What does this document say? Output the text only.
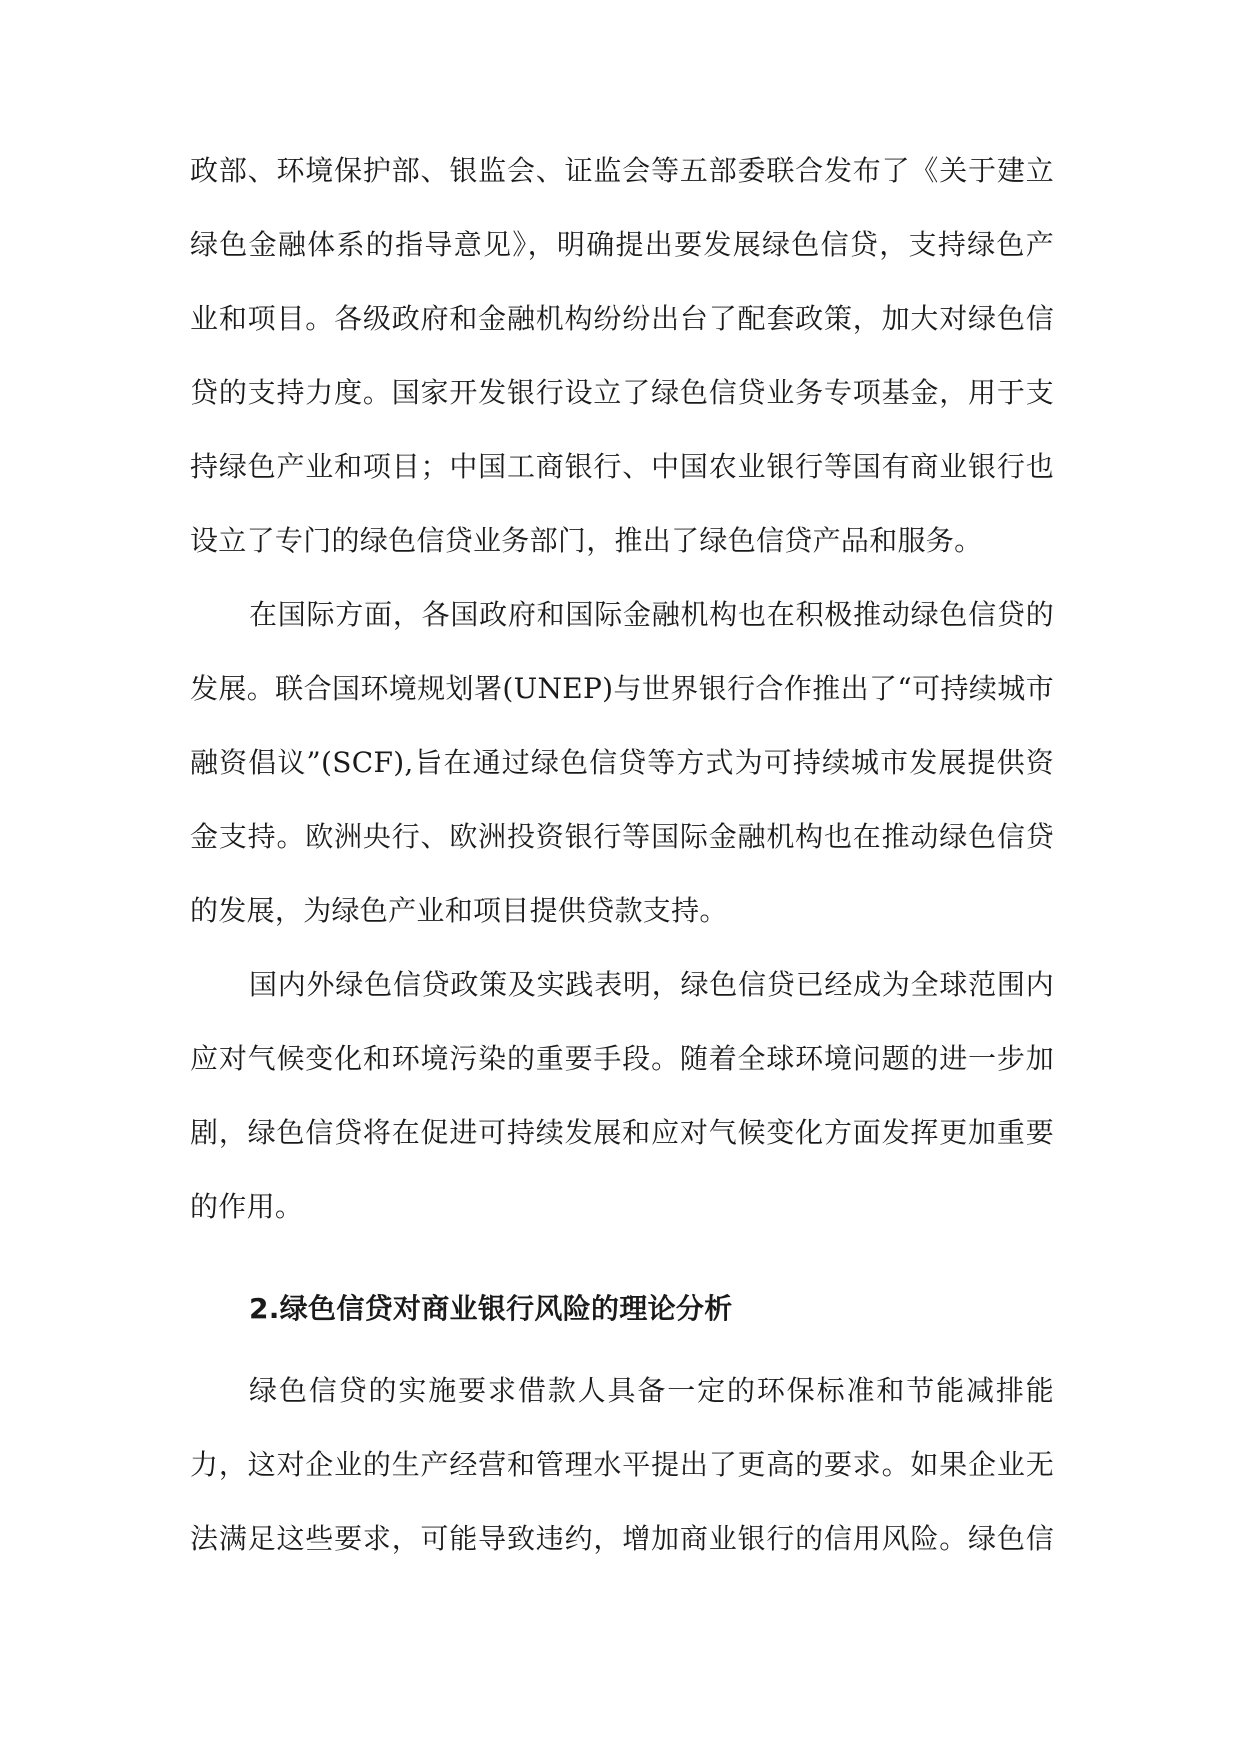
政部、环境保护部、银监会、证监会等五部委联合发布了《关于建立
绿色金融体系的指导意见》，明确提出要发展绿色信贷，支持绿色产
业和项目。各级政府和金融机构纷纷出台了配套政策，加大对绿色信
贷的支持力度。国家开发银行设立了绿色信贷业务专项基金，用于支
持绿色产业和项目；中国工商银行、中国农业银行等国有商业银行也
设立了专门的绿色信贷业务部门，推出了绿色信贷产品和服务。
在国际方面，各国政府和国际金融机构也在积极推动绿色信贷的
发展。联合国环境规划署(UNEP)与世界银行合作推出了“可持续城市
融资倡议”(SCF),旨在通过绿色信贷等方式为可持续城市发展提供资
金支持。欧洲央行、欧洲投资银行等国际金融机构也在推动绿色信贷
的发展，为绿色产业和项目提供贷款支持。
国内外绿色信贷政策及实践表明，绿色信贷已经成为全球范围内
应对气候变化和环境污染的重要手段。随着全球环境问题的进一步加
剧，绿色信贷将在促进可持续发展和应对气候变化方面发挥更加重要
的作用。
2.绿色信贷对商业银行风险的理论分析
绿色信贷的实施要求借款人具备一定的环保标准和节能减排能
力，这对企业的生产经营和管理水平提出了更高的要求。如果企业无
法满足这些要求，可能导致违约，增加商业银行的信用风险。绿色信
